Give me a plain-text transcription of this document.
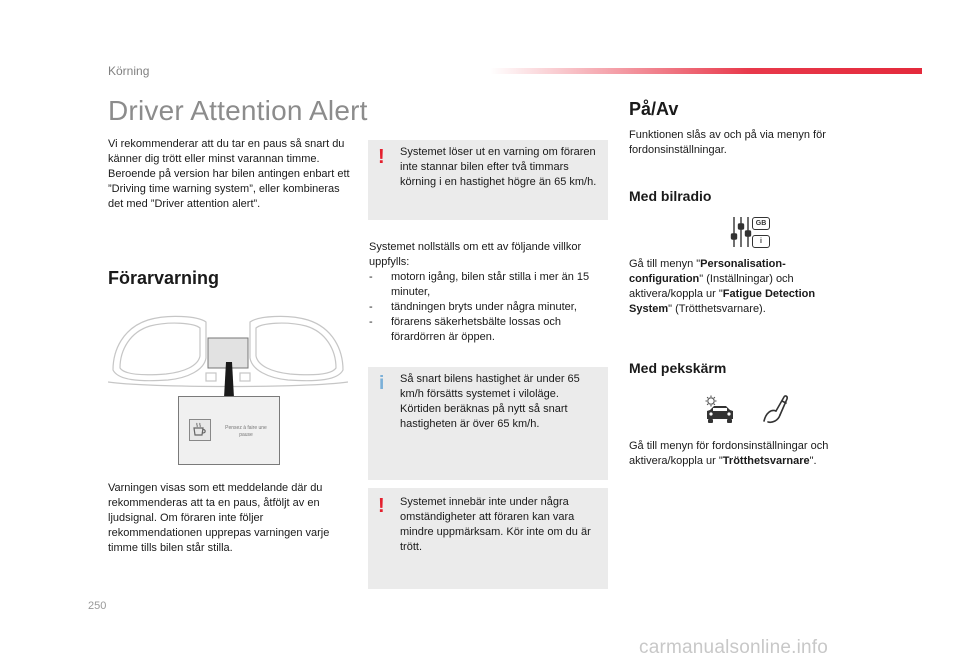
Körning
Driver Attention Alert
Vi rekommenderar att du tar en paus så snart du känner dig trött eller minst varannan timme. Beroende på version har bilen antingen enbart ett ”Driving time warning system”, eller kombineras det med ”Driver attention alert”.
Förarvarning
Pensez à faire une
pause
Varningen visas som ett meddelande där du rekommenderas att ta en paus, åtföljt av en ljudsignal. Om föraren inte följer rekommendationen upprepas varningen varje timme tills bilen står stilla.
! Systemet löser ut en varning om föraren inte stannar bilen efter två timmars körning i en hastighet högre än 65 km/h.
Systemet nollställs om ett av följande villkor uppfylls:
-	motorn igång, bilen står stilla i mer än 15 minuter,
-	tändningen bryts under några minuter,
-	förarens säkerhetsbälte lossas och förardörren är öppen.
i Så snart bilens hastighet är under 65 km/h försätts systemet i viloläge. Körtiden beräknas på nytt så snart hastigheten är över 65 km/h.
! Systemet innebär inte under några omständigheter att föraren kan vara mindre uppmärksam. Kör inte om du är trött.
På/Av
Funktionen slås av och på via menyn för fordonsinställningar.
Med bilradio
GB
i
Gå till menyn "Personalisation-configuration" (Inställningar) och aktivera/koppla ur "Fatigue Detection System" (Trötthetsvarnare).
Med pekskärm
Gå till menyn för fordonsinställningar och aktivera/koppla ur "Trötthetsvarnare".
250
carmanualsonline.info
